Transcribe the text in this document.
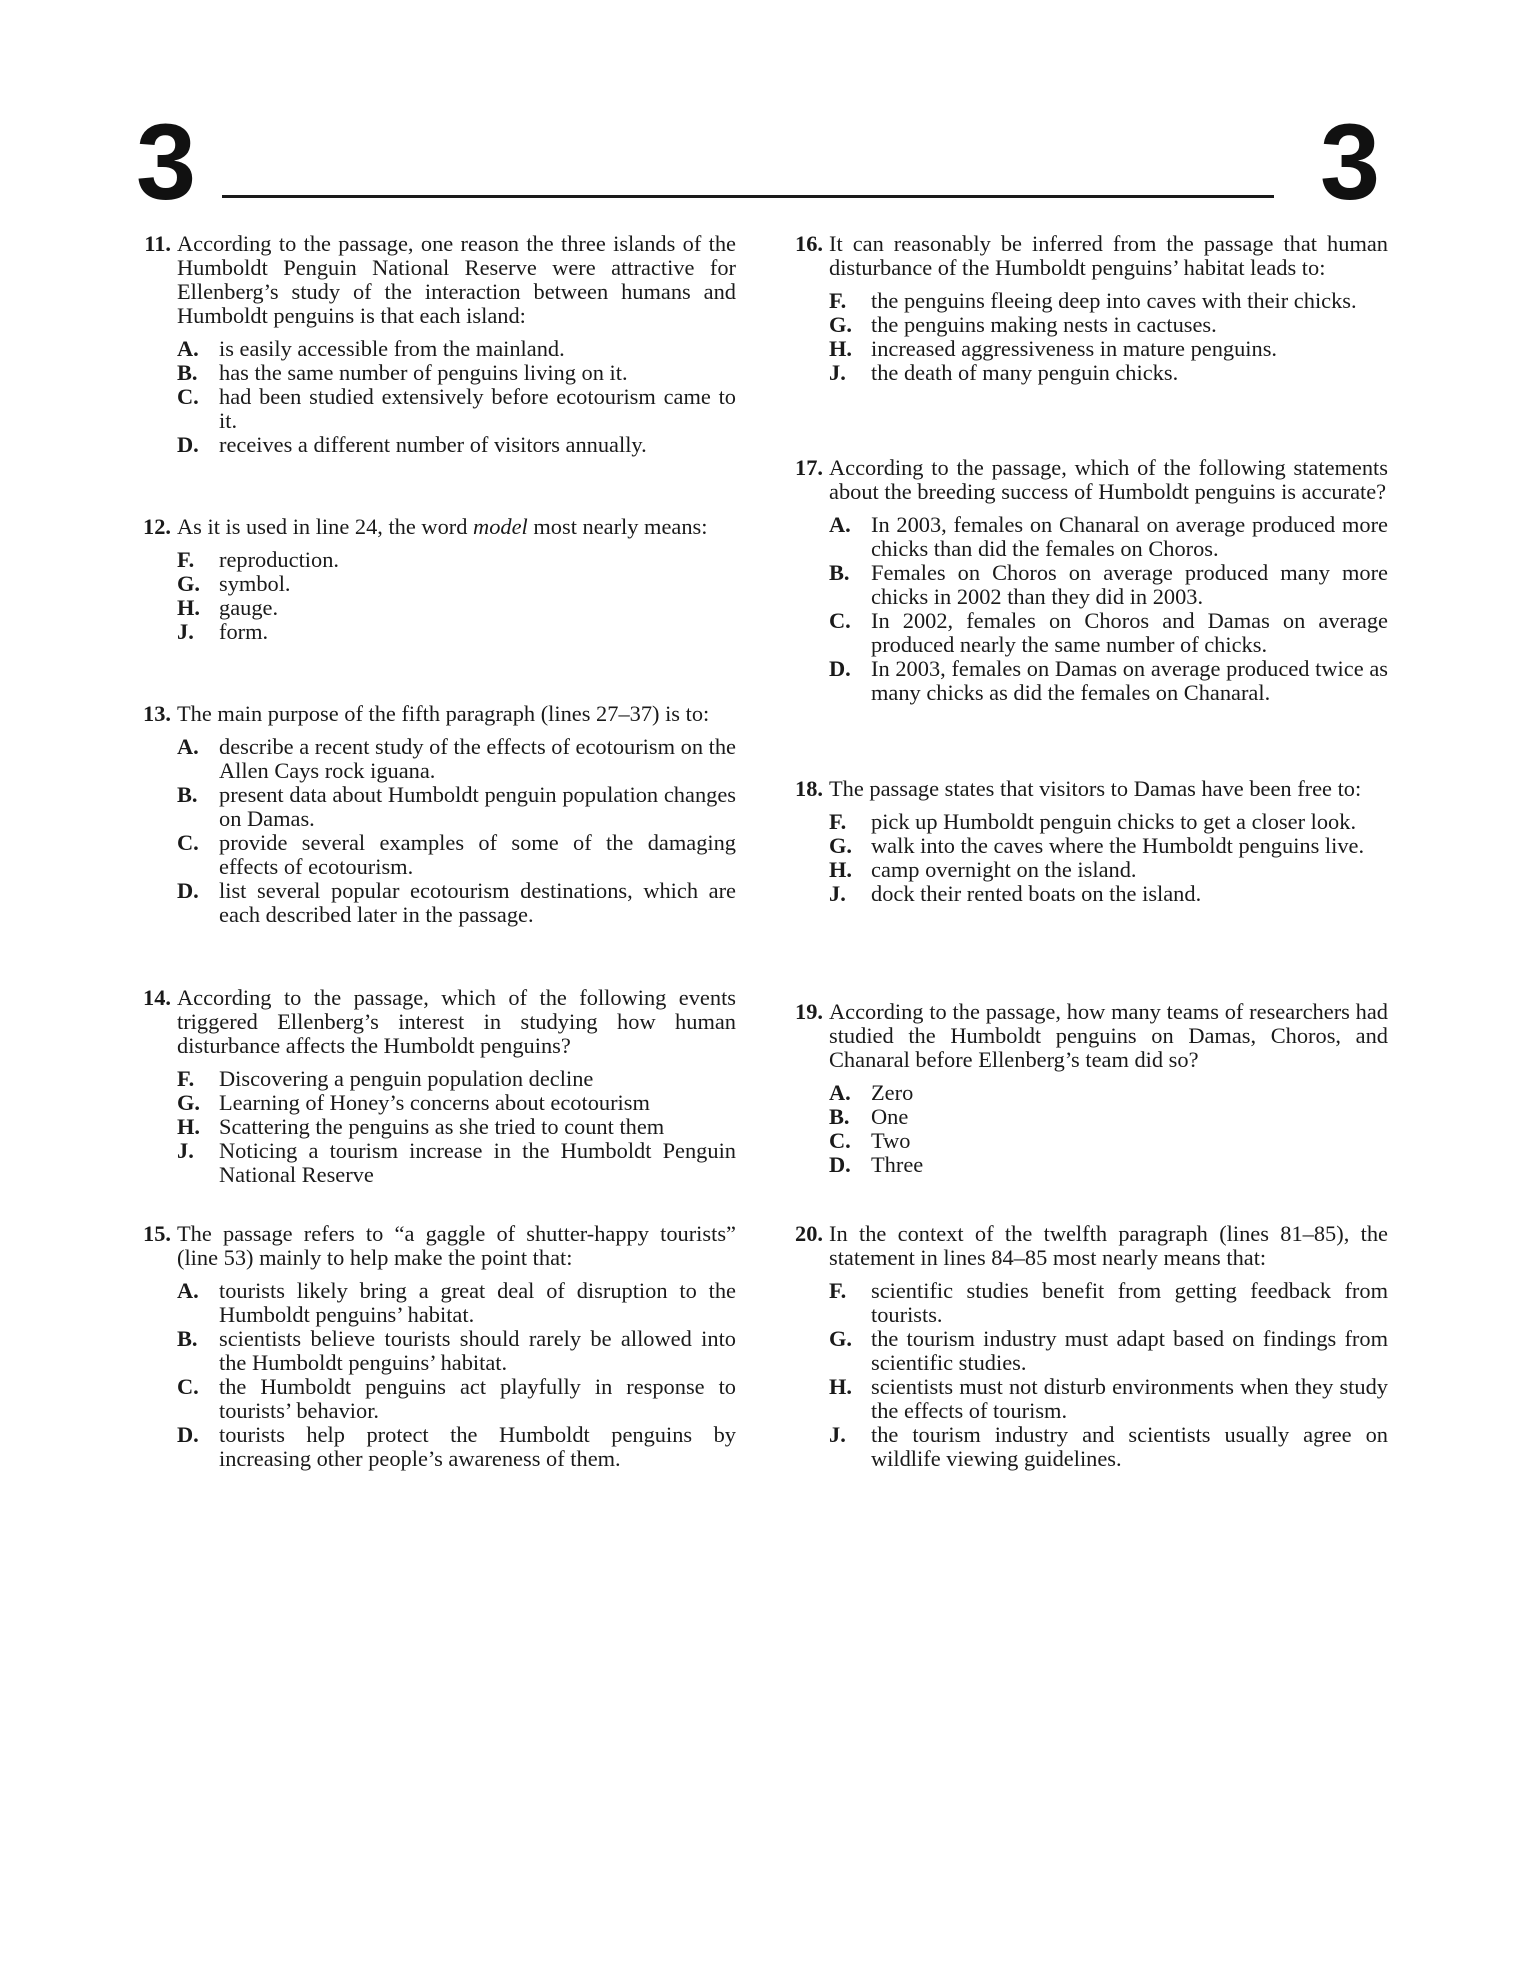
3	3
11. According to the passage, one reason the three islands of the Humboldt Penguin National Reserve were attractive for Ellenberg’s study of the interaction between humans and Humboldt penguins is that each island:
A. is easily accessible from the mainland.
B. has the same number of penguins living on it.
C. had been studied extensively before ecotourism came to it.
D. receives a different number of visitors annually.
12. As it is used in line 24, the word model most nearly means:
F.	reproduction.
G. symbol.
H. gauge.
J.	form.
13. The main purpose of the fifth paragraph (lines 27–37) is to:
A. describe a recent study of the effects of ecotourism on the Allen Cays rock iguana.
B. present data about Humboldt penguin population changes on Damas.
C. provide several examples of some of the damaging effects of ecotourism.
D. list several popular ecotourism destinations, which are each described later in the passage.
14. According to the passage, which of the following events triggered Ellenberg’s interest in studying how human disturbance affects the Humboldt penguins?
F.	Discovering a penguin population decline
G. Learning of Honey’s concerns about ecotourism
H. Scattering the penguins as she tried to count them
J.	Noticing a tourism increase in the Humboldt Penguin National Reserve
15. The passage refers to “a gaggle of shutter-happy tourists” (line 53) mainly to help make the point that:
A. tourists likely bring a great deal of disruption to the Humboldt penguins’ habitat.
B. scientists believe tourists should rarely be allowed into the Humboldt penguins’ habitat.
C. the Humboldt penguins act playfully in response to tourists’ behavior.
D. tourists help protect the Humboldt penguins by increasing other people’s awareness of them.
16. It can reasonably be inferred from the passage that human disturbance of the Humboldt penguins’ habitat leads to:
F.	the penguins fleeing deep into caves with their chicks.
G. the penguins making nests in cactuses.
H. increased aggressiveness in mature penguins.
J.	the death of many penguin chicks.
17. According to the passage, which of the following statements about the breeding success of Humboldt penguins is accurate?
A. In 2003, females on Chanaral on average produced more chicks than did the females on Choros.
B. Females on Choros on average produced many more chicks in 2002 than they did in 2003.
C. In 2002, females on Choros and Damas on average produced nearly the same number of chicks.
D. In 2003, females on Damas on average produced twice as many chicks as did the females on Chanaral.
18. The passage states that visitors to Damas have been free to:
F.	pick up Humboldt penguin chicks to get a closer look.
G. walk into the caves where the Humboldt penguins live.
H. camp overnight on the island.
J.	dock their rented boats on the island.
19. According to the passage, how many teams of researchers had studied the Humboldt penguins on Damas, Choros, and Chanaral before Ellenberg’s team did so?
A. Zero
B. One
C. Two
D. Three
20. In the context of the twelfth paragraph (lines 81–85), the statement in lines 84–85 most nearly means that:
F.	scientific studies benefit from getting feedback from tourists.
G. the tourism industry must adapt based on findings from scientific studies.
H. scientists must not disturb environments when they study the effects of tourism.
J.	the tourism industry and scientists usually agree on wildlife viewing guidelines.
